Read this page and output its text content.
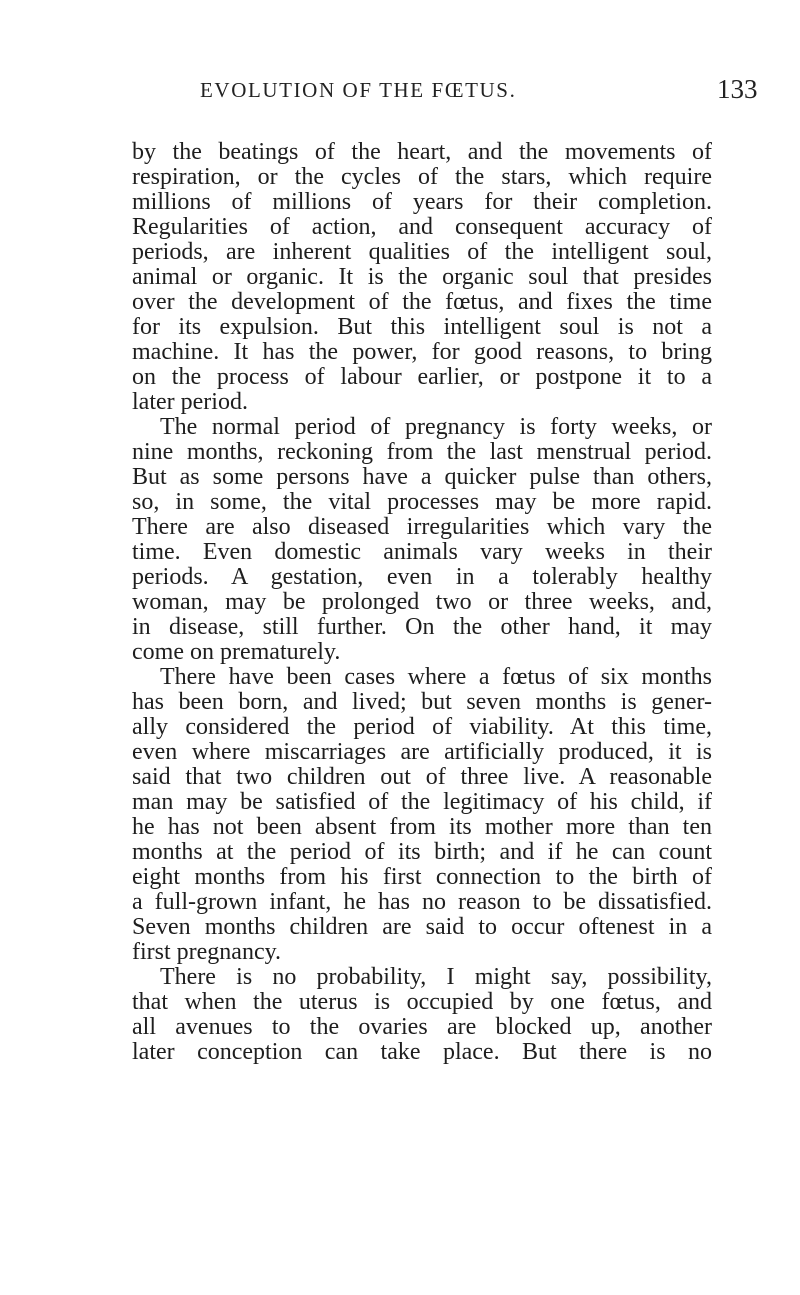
EVOLUTION OF THE FŒTUS.	133
by the beatings of the heart, and the movements of
respiration, or the cycles of the stars, which require
millions of millions of years for their completion.
Regularities of action, and consequent accuracy of
periods, are inherent qualities of the intelligent soul,
animal or organic. It is the organic soul that presides
over the development of the fœtus, and fixes the time
for its expulsion. But this intelligent soul is not a
machine. It has the power, for good reasons, to bring
on the process of labour earlier, or postpone it to a
later period.
The normal period of pregnancy is forty weeks, or
nine months, reckoning from the last menstrual period.
But as some persons have a quicker pulse than others,
so, in some, the vital processes may be more rapid.
There are also diseased irregularities which vary the
time. Even domestic animals vary weeks in their
periods. A gestation, even in a tolerably healthy
woman, may be prolonged two or three weeks, and,
in disease, still further. On the other hand, it may
come on prematurely.
There have been cases where a fœtus of six months
has been born, and lived; but seven months is gener-
ally considered the period of viability. At this time,
even where miscarriages are artificially produced, it is
said that two children out of three live. A reasonable
man may be satisfied of the legitimacy of his child, if
he has not been absent from its mother more than ten
months at the period of its birth; and if he can count
eight months from his first connection to the birth of
a full-grown infant, he has no reason to be dissatisfied.
Seven months children are said to occur oftenest in a
first pregnancy.
There is no probability, I might say, possibility,
that when the uterus is occupied by one fœtus, and
all avenues to the ovaries are blocked up, another
later conception can take place. But there is no
